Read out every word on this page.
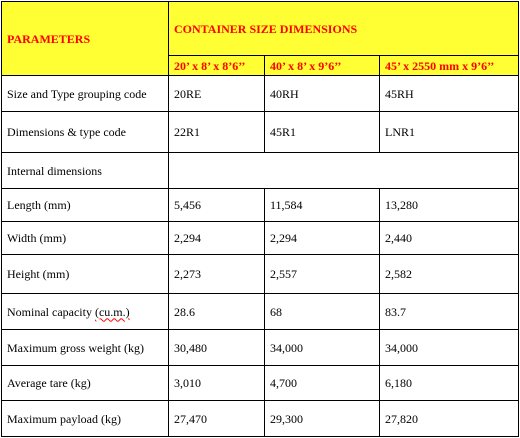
PARAMETERS	CONTAINER SIZE DIMENSIONS		
	20’ x 8’ x 8’6’’	40’ x 8’ x 9’6’’	45’ x 2550 mm x 9’6’’
Size and Type grouping code	20RE	40RH	45RH
Dimensions & type code	22R1	45R1	LNR1
Internal dimensions			
Length (mm)	5,456	11,584	13,280
Width (mm)	2,294	2,294	2,440
Height (mm)	2,273	2,557	2,582
Nominal capacity (cu.m.)	28.6	68	83.7
Maximum gross weight (kg)	30,480	34,000	34,000
Average tare (kg)	3,010	4,700	6,180
Maximum payload (kg)	27,470	29,300	27,820
